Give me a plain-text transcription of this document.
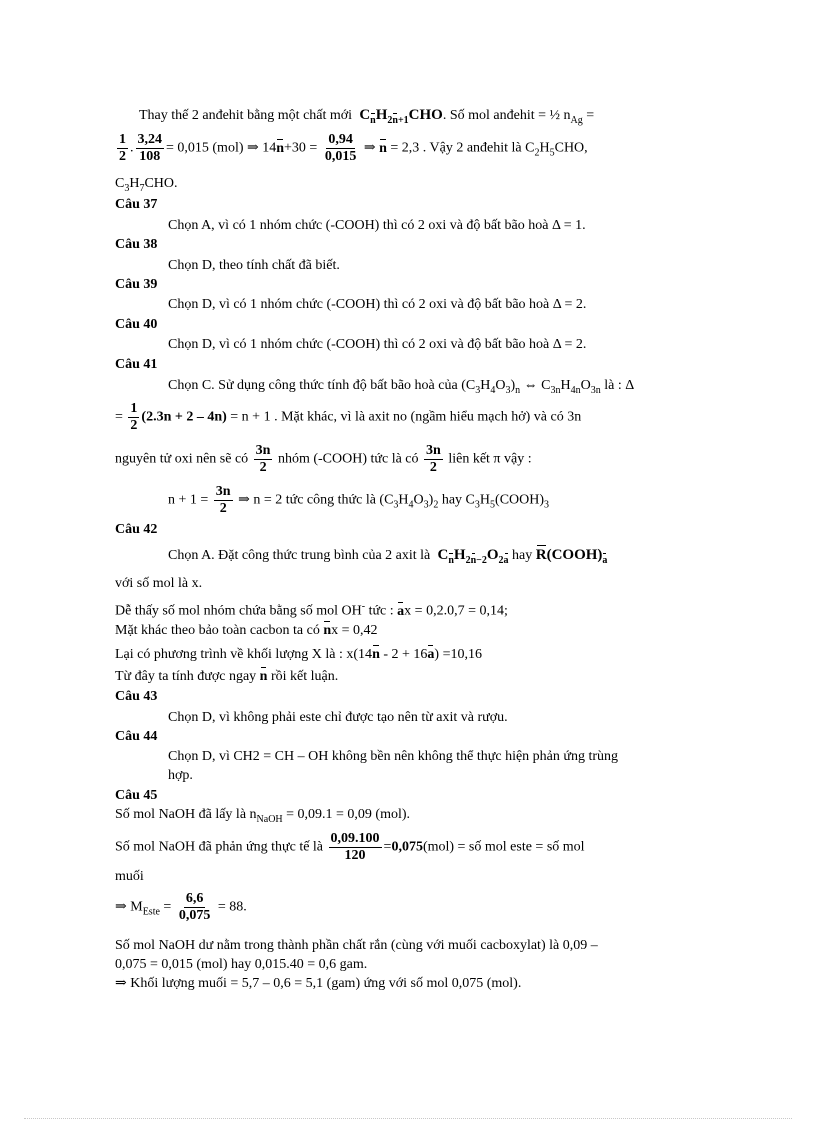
Thay thế 2 anđehit bằng một chất mới  $C_nH_{2n+1}CHO$. Số mol anđehit = ½ $n_{Ag}$ =
$\frac{1}{2}$ . $\frac{3,24}{108} = 0,015$ (mol) ⇒ $14n+30 = \frac{0,94}{0,015}$ ⇒ n = 2,3 . Vậy 2 anđehit là $C_2H_5CHO$,
$C_3H_7CHO$.
Câu 37
Chọn A, vì có 1 nhóm chức (-COOH) thì có 2 oxi và độ bất bão hoà Δ = 1.
Câu 38
Chọn D, theo tính chất đã biết.
Câu 39
Chọn D, vì có 1 nhóm chức (-COOH) thì có 2 oxi và độ bất bão hoà Δ = 2.
Câu 40
Chọn D, vì có 1 nhóm chức (-COOH) thì có 2 oxi và độ bất bão hoà Δ = 2.
Câu 41
Chọn C. Sử dụng công thức tính độ bất bão hoà của $(C_3H_4O_3)_n$ ⇔ $C_{3n}H_{4n}O_{3n}$ là : Δ
= $\frac{1}{2} (2.3n + 2 - 4n) = n + 1$ . Mặt khác, vì là axit no (ngầm hiểu mạch hở) và có 3n
nguyên tử oxi nên sẽ có $\frac{3n}{2}$ nhóm (-COOH) tức là có $\frac{3n}{2}$ liên kết π vậy :
$n + 1 = \frac{3n}{2}$ ⇒ n = 2 tức công thức là $(C_3H_4O_3)_2$ hay $C_3H_5(COOH)_3$
Câu 42
Chọn A. Đặt công thức trung bình của 2 axit là  $C_nH_{2n-2}O_{2a}$ hay $R(COOH)_a$
với số mol là x.
Dễ thấy số mol nhóm chứa bằng số mol OH- tức : ax = 0,2.0,7 = 0,14;
Mặt khác theo bảo toàn cacbon ta có nx = 0,42
Lại có phương trình về khối lượng X là : x(14n - 2 + 16a) =10,16
Từ đây ta tính được ngay n rồi kết luận.
Câu 43
Chọn D, vì không phải este chỉ được tạo nên từ axit và rượu.
Câu 44
Chọn D, vì CH2 = CH – OH không bền nên không thể thực hiện phản ứng trùng
hợp.
Câu 45
Số mol NaOH đã lấy là $n_{NaOH} = 0,09.1 = 0,09$ (mol).
Số mol NaOH đã phản ứng thực tế là $\frac{0,09.100}{120} =0,075(mol)$ = số mol este = số mol
muối
⇒ $M_{Este} = \frac{6,6}{0,075} = 88$.
Số mol NaOH dư nằm trong thành phần chất rắn (cùng với muối cacboxylat) là 0,09 –
0,075 = 0,015 (mol) hay 0,015.40 = 0,6 gam.
⇒ Khối lượng muối = 5,7 – 0,6 = 5,1 (gam) ứng với số mol 0,075 (mol).
